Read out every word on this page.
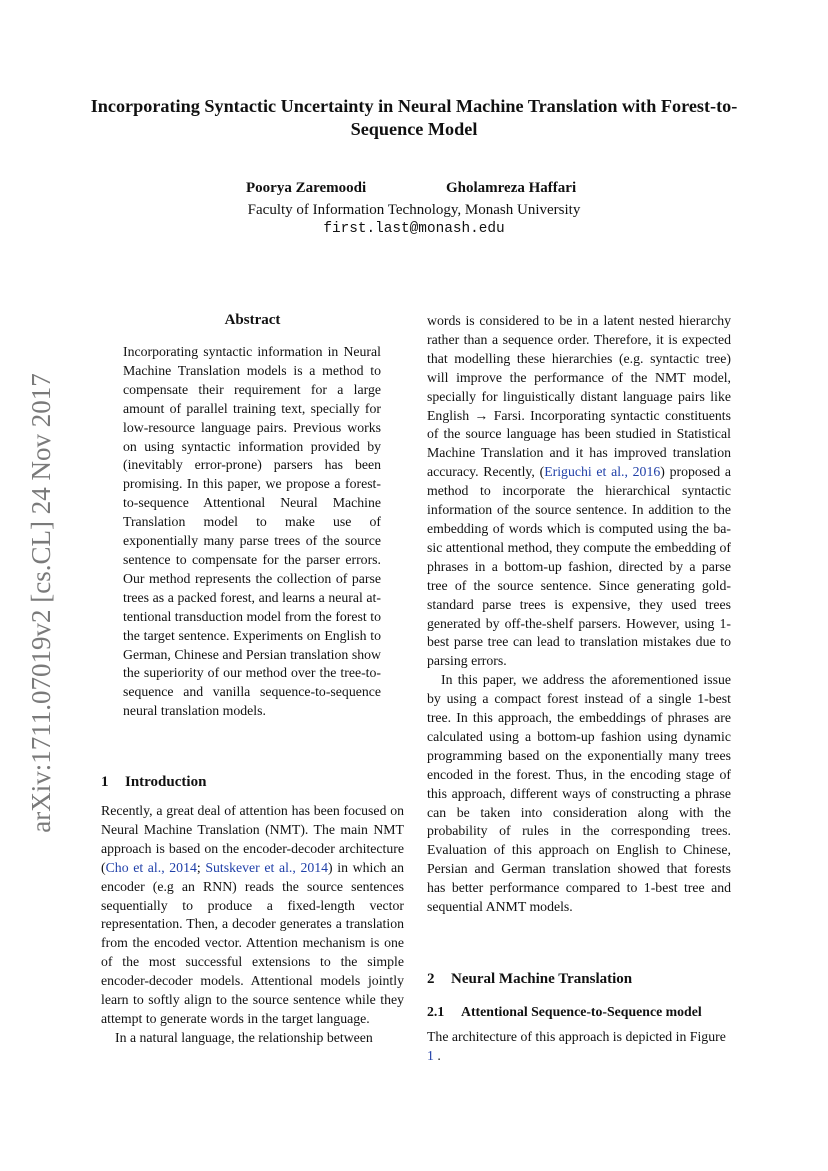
Incorporating Syntactic Uncertainty in Neural Machine Translation with Forest-to-Sequence Model
Poorya Zaremoodi	Gholamreza Haffari
Faculty of Information Technology, Monash University
first.last@monash.edu
arXiv:1711.07019v2 [cs.CL] 24 Nov 2017
Abstract
Incorporating syntactic information in Neural Machine Translation models is a method to compensate their requirement for a large amount of parallel training text, specially for low-resource language pairs. Previous works on using syntactic information provided by (inevitably error-prone) parsers has been promising. In this paper, we propose a forest-to-sequence Attentional Neural Machine Translation model to make use of exponentially many parse trees of the source sentence to compensate for the parser errors. Our method represents the collection of parse trees as a packed forest, and learns a neural attentional transduction model from the forest to the target sentence. Experiments on English to German, Chinese and Persian translation show the superiority of our method over the tree-to-sequence and vanilla sequence-to-sequence neural translation models.
1 Introduction

Recently, a great deal of attention has been focused on Neural Machine Translation (NMT). The main NMT approach is based on the encoder-decoder architecture (Cho et al., 2014; Sutskever et al., 2014) in which an encoder (e.g an RNN) reads the source sentences sequentially to produce a fixed-length vector representation. Then, a decoder generates a translation from the encoded vector. Attention mechanism is one of the most successful extensions to the simple encoder-decoder models. Attentional models jointly learn to softly align to the source sentence while they attempt to generate words in the target language.

In a natural language, the relationship between

words is considered to be in a latent nested hierarchy rather than a sequence order. Therefore, it is expected that modelling these hierarchies (e.g. syntactic tree) will improve the performance of the NMT model, specially for linguistically distant language pairs like English → Farsi. Incorporating syntactic constituents of the source language has been studied in Statistical Machine Translation and it has improved translation accuracy. Recently, (Eriguchi et al., 2016) proposed a method to incorporate the hierarchical syntactic information of the source sentence. In addition to the embedding of words which is computed using the basic attentional method, they compute the embedding of phrases in a bottom-up fashion, directed by a parse tree of the source sentence. Since generating gold-standard parse trees is expensive, they used trees generated by off-the-shelf parsers. However, using 1-best parse tree can lead to translation mistakes due to parsing errors.

In this paper, we address the aforementioned issue by using a compact forest instead of a single 1-best tree. In this approach, the embeddings of phrases are calculated using a bottom-up fashion using dynamic programming based on the exponentially many trees encoded in the forest. Thus, in the encoding stage of this approach, different ways of constructing a phrase can be taken into consideration along with the probability of rules in the corresponding trees. Evaluation of this approach on English to Chinese, Persian and German translation showed that forests has better performance compared to 1-best tree and sequential ANMT models.

2 Neural Machine Translation
2.1 Attentional Sequence-to-Sequence model
The architecture of this approach is depicted in Figure 1 .
